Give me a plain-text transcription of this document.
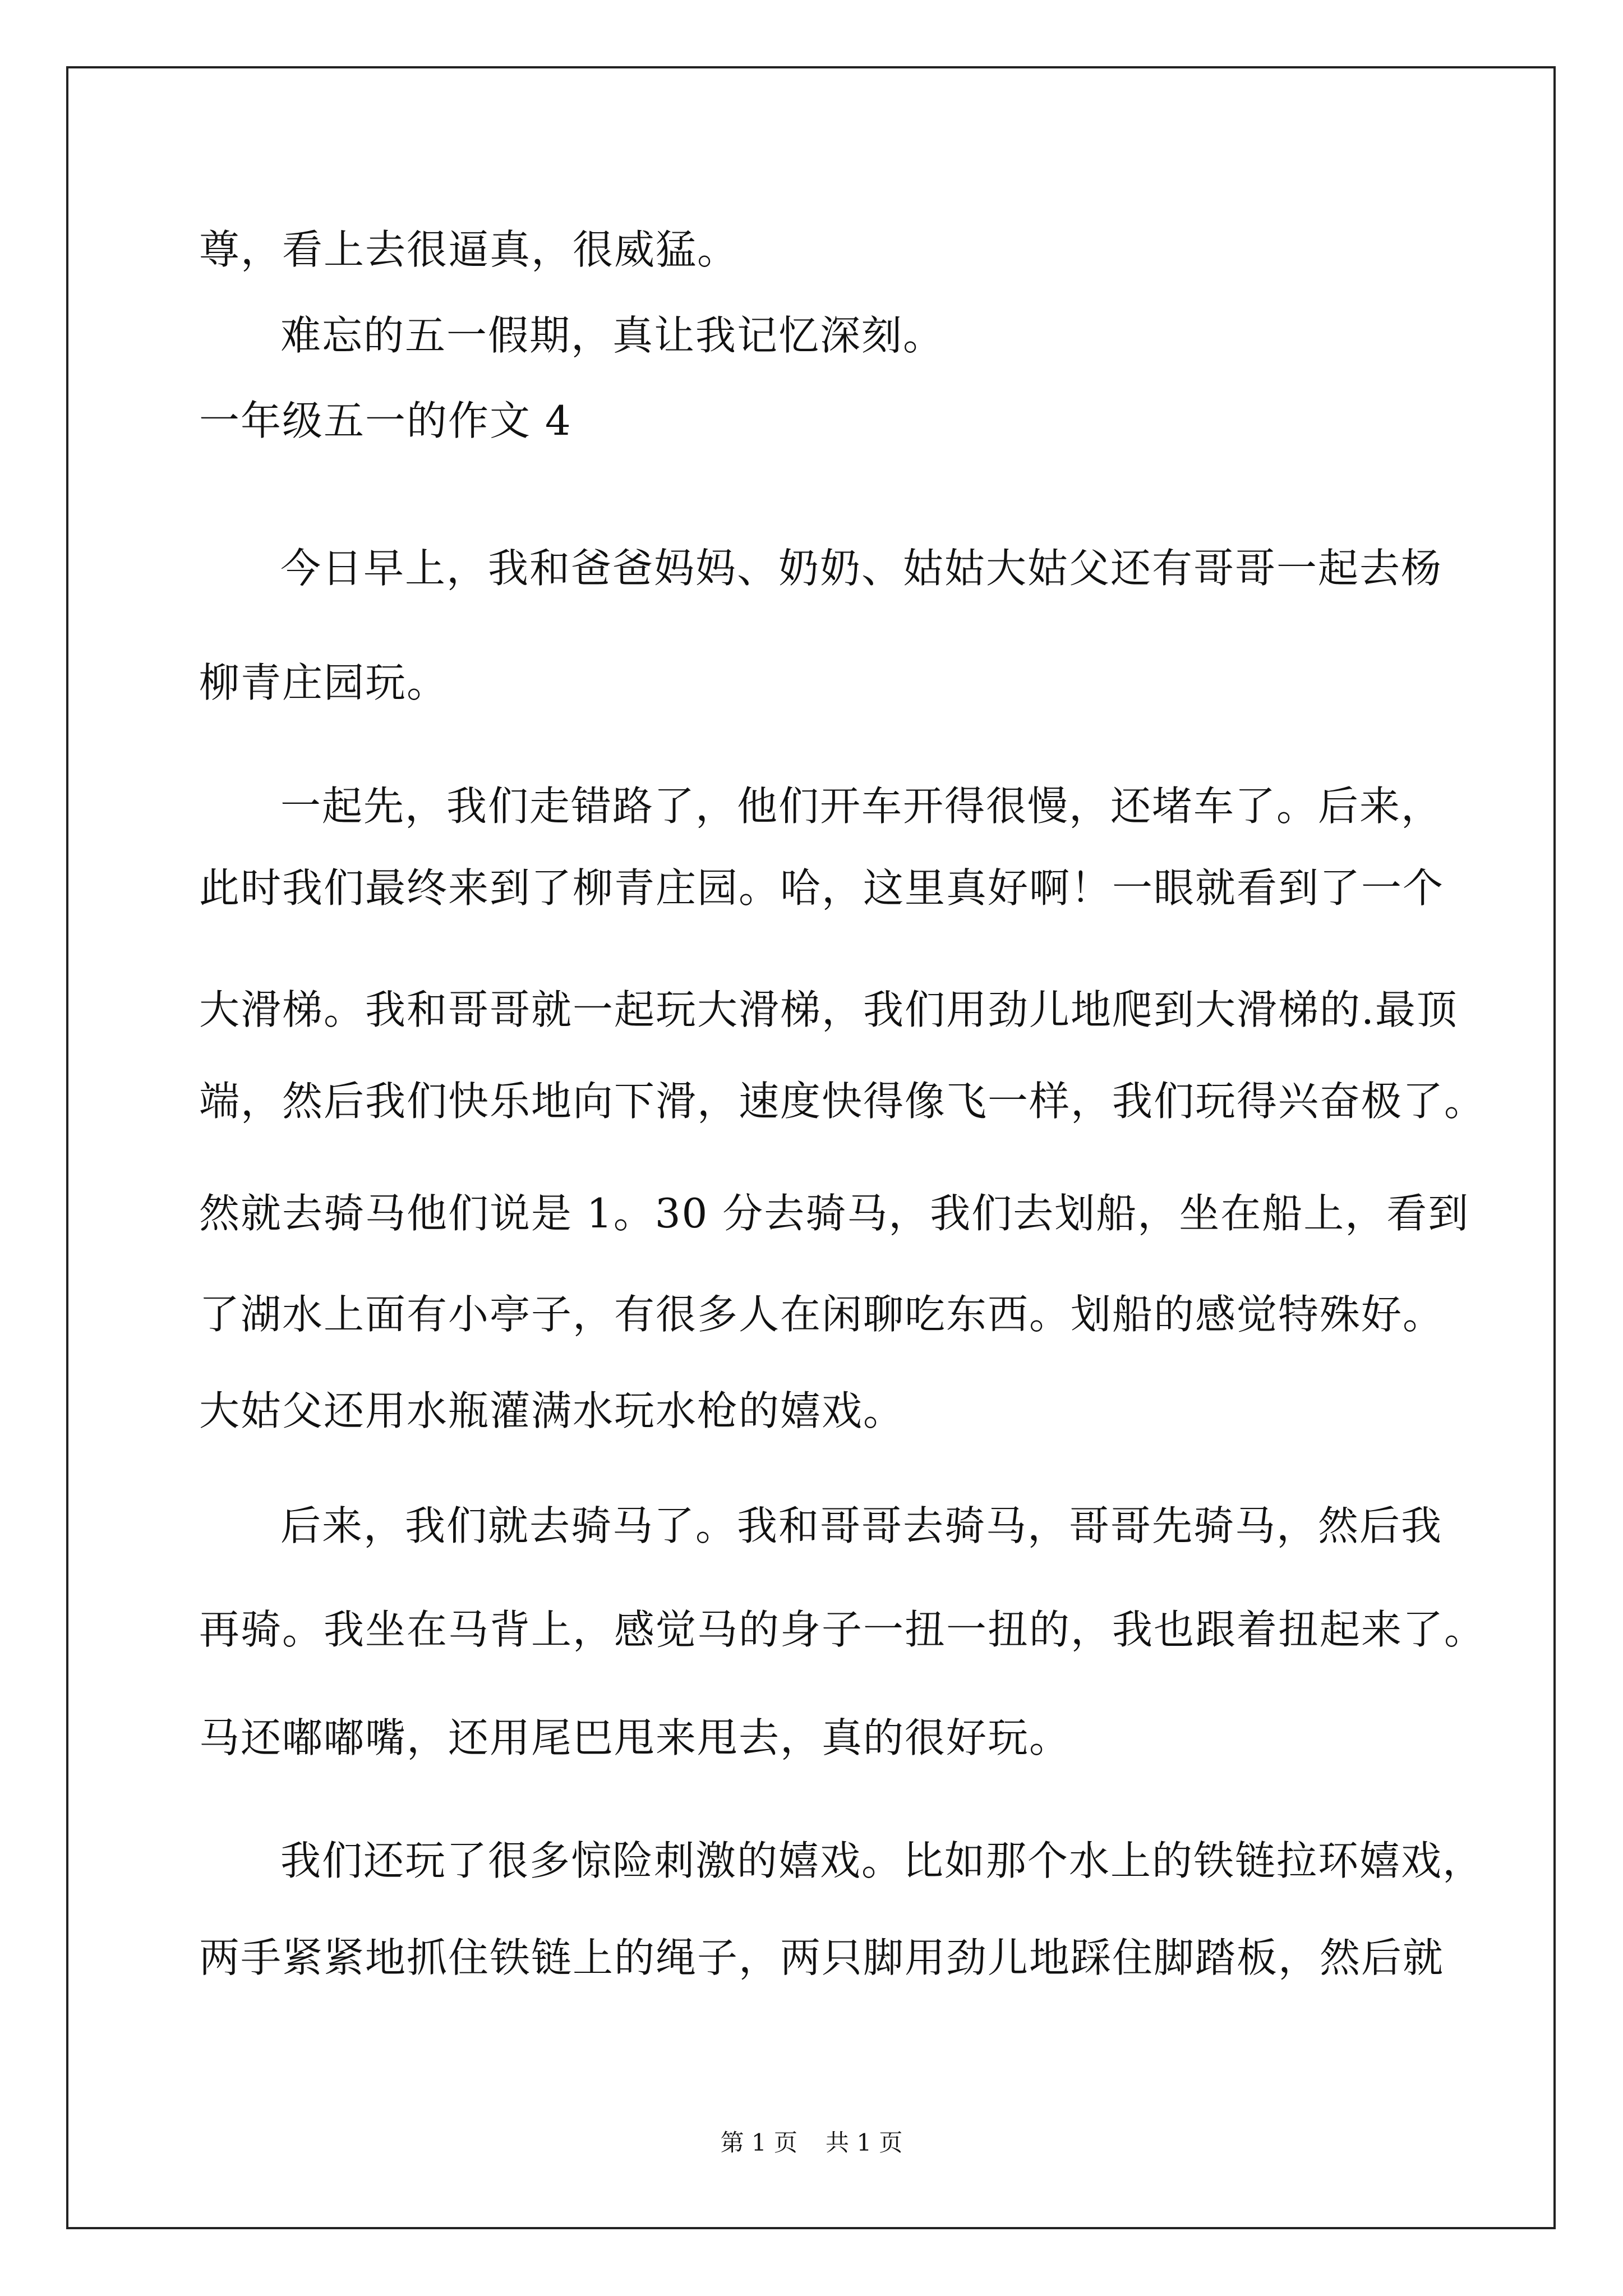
尊，看上去很逼真，很威猛。
难忘的五一假期，真让我记忆深刻。
一年级五一的作文 4
今日早上，我和爸爸妈妈、奶奶、姑姑大姑父还有哥哥一起去杨
柳青庄园玩。
一起先，我们走错路了，他们开车开得很慢，还堵车了。后来，
此时我们最终来到了柳青庄园。哈，这里真好啊！一眼就看到了一个
大滑梯。我和哥哥就一起玩大滑梯，我们用劲儿地爬到大滑梯的.最顶
端，然后我们快乐地向下滑，速度快得像飞一样，我们玩得兴奋极了。
然就去骑马他们说是 1。30 分去骑马，我们去划船，坐在船上，看到
了湖水上面有小亭子，有很多人在闲聊吃东西。划船的感觉特殊好。
大姑父还用水瓶灌满水玩水枪的嬉戏。
后来，我们就去骑马了。我和哥哥去骑马，哥哥先骑马，然后我
再骑。我坐在马背上，感觉马的身子一扭一扭的，我也跟着扭起来了。
马还嘟嘟嘴，还用尾巴甩来甩去，真的很好玩。
我们还玩了很多惊险刺激的嬉戏。比如那个水上的铁链拉环嬉戏，
两手紧紧地抓住铁链上的绳子，两只脚用劲儿地踩住脚踏板，然后就
第 1 页 共 1 页
